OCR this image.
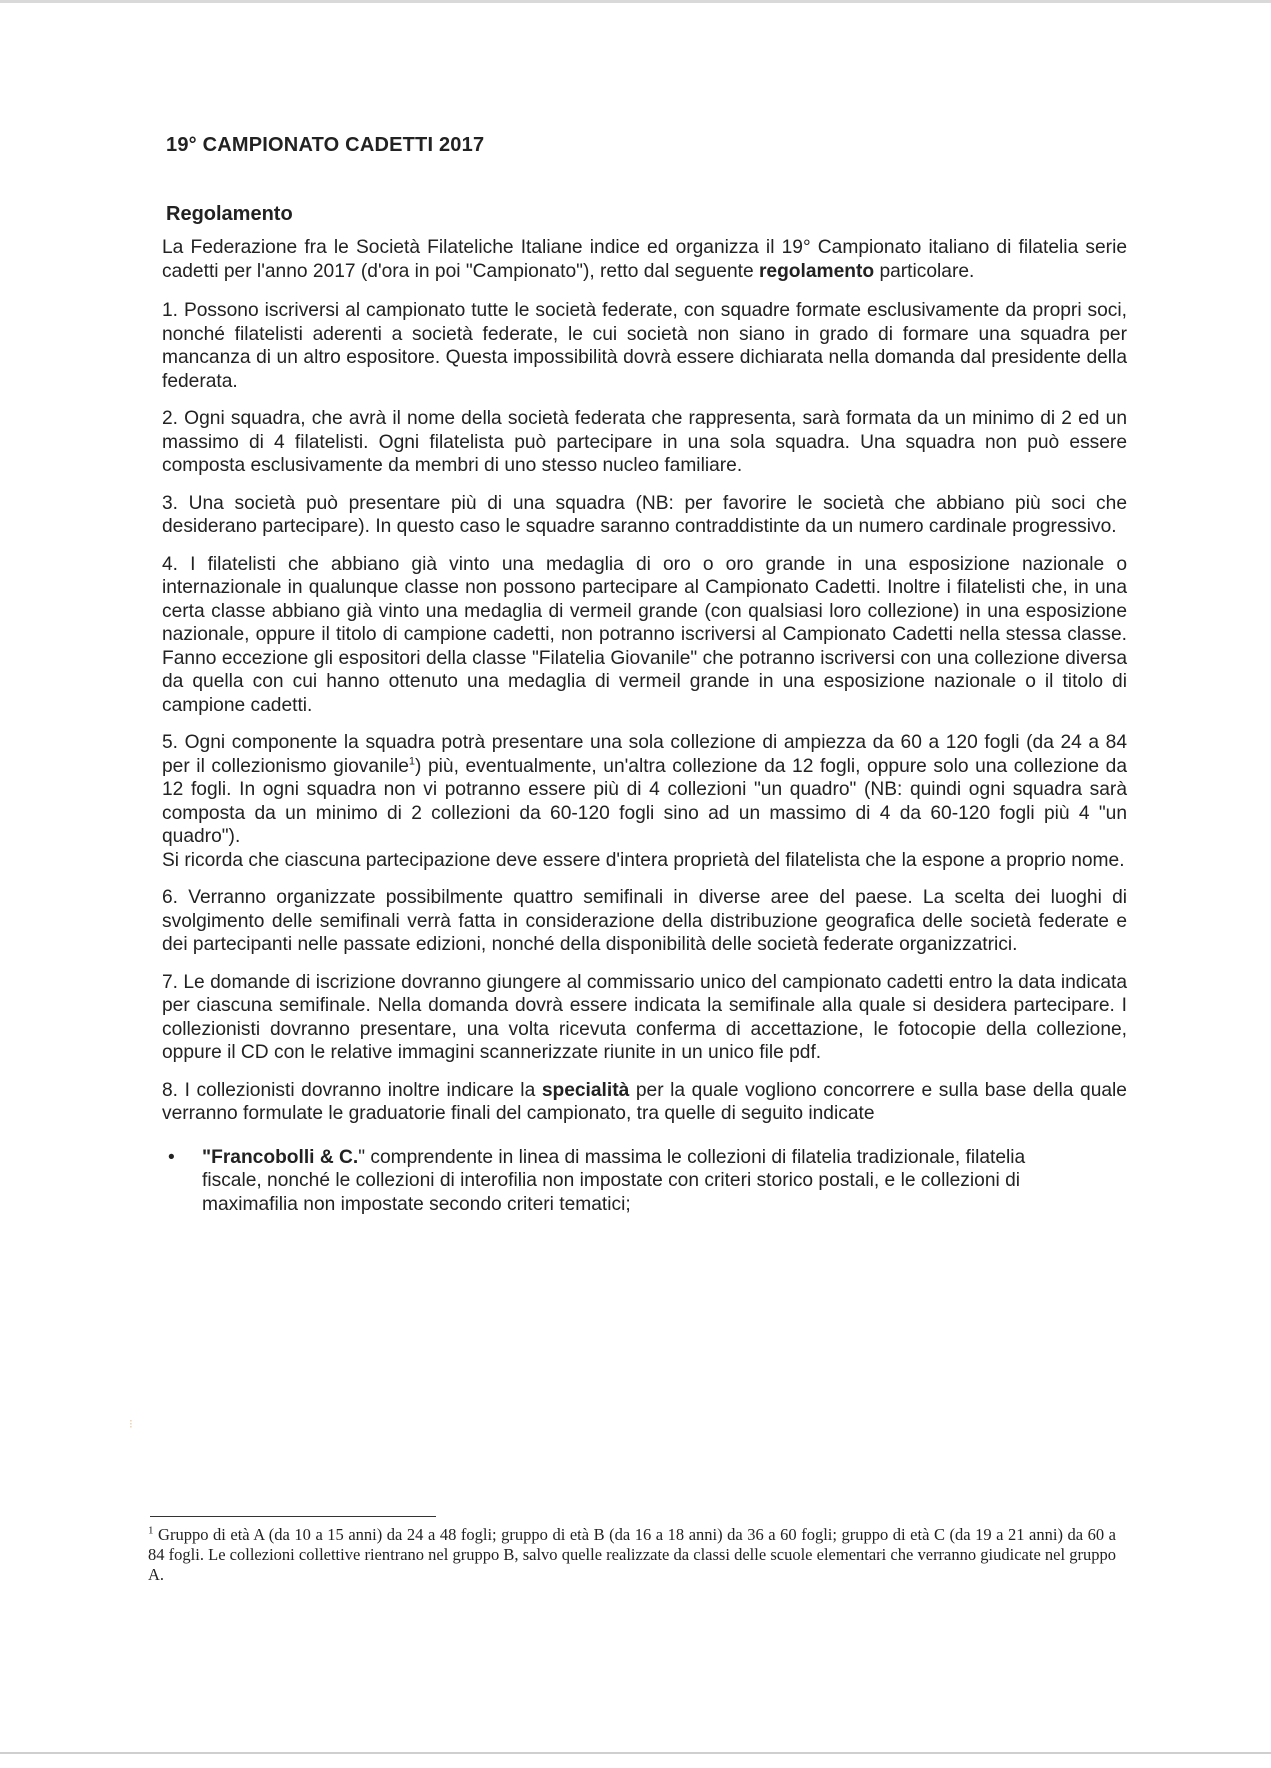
19° CAMPIONATO CADETTI 2017
Regolamento

La Federazione fra le Società Filateliche Italiane indice ed organizza il 19° Campionato italiano di filatelia serie cadetti per l'anno 2017 (d'ora in poi "Campionato"), retto dal seguente regolamento particolare.

1. Possono iscriversi al campionato tutte le società federate, con squadre formate esclusivamente da propri soci, nonché filatelisti aderenti a società federate, le cui società non siano in grado di formare una squadra per mancanza di un altro espositore. Questa impossibilità dovrà essere dichiarata nella domanda dal presidente della federata.

2. Ogni squadra, che avrà il nome della società federata che rappresenta, sarà formata da un minimo di 2 ed un massimo di 4 filatelisti. Ogni filatelista può partecipare in una sola squadra. Una squadra non può essere composta esclusivamente da membri di uno stesso nucleo familiare.

3. Una società può presentare più di una squadra (NB: per favorire le società che abbiano più soci che desiderano partecipare). In questo caso le squadre saranno contraddistinte da un numero cardinale progressivo.

4. I filatelisti che abbiano già vinto una medaglia di oro o oro grande in una esposizione nazionale o internazionale in qualunque classe non possono partecipare al Campionato Cadetti. Inoltre i filatelisti che, in una certa classe abbiano già vinto una medaglia di vermeil grande (con qualsiasi loro collezione) in una esposizione nazionale, oppure il titolo di campione cadetti, non potranno iscriversi al Campionato Cadetti nella stessa classe. Fanno eccezione gli espositori della classe "Filatelia Giovanile" che potranno iscriversi con una collezione diversa da quella con cui hanno ottenuto una medaglia di vermeil grande in una esposizione nazionale o il titolo di campione cadetti.

5. Ogni componente la squadra potrà presentare una sola collezione di ampiezza da 60 a 120 fogli (da 24 a 84 per il collezionismo giovanile$^1$) più, eventualmente, un'altra collezione da 12 fogli, oppure solo una collezione da 12 fogli. In ogni squadra non vi potranno essere più di 4 collezioni "un quadro" (NB: quindi ogni squadra sarà composta da un minimo di 2 collezioni da 60-120 fogli sino ad un massimo di 4 da 60-120 fogli più 4 "un quadro").

Si ricorda che ciascuna partecipazione deve essere d'intera proprietà del filatelista che la espone a proprio nome.

6. Verranno organizzate possibilmente quattro semifinali in diverse aree del paese. La scelta dei luoghi di svolgimento delle semifinali verrà fatta in considerazione della distribuzione geografica delle società federate e dei partecipanti nelle passate edizioni, nonché della disponibilità delle società federate organizzatrici.

7. Le domande di iscrizione dovranno giungere al commissario unico del campionato cadetti entro la data indicata per ciascuna semifinale. Nella domanda dovrà essere indicata la semifinale alla quale si desidera partecipare. I collezionisti dovranno presentare, una volta ricevuta conferma di accettazione, le fotocopie della collezione, oppure il CD con le relative immagini scannerizzate riunite in un unico file pdf.

8. I collezionisti dovranno inoltre indicare la specialità per la quale vogliono concorrere e sulla base della quale verranno formulate le graduatorie finali del campionato, tra quelle di seguito indicate

•	"Francobolli & C." comprendente in linea di massima le collezioni di filatelia tradizionale, filatelia fiscale, nonché le collezioni di interofilia non impostate con criteri storico postali, e le collezioni di maximafilia non impostate secondo criteri tematici;
⁝
$^1$ Gruppo di età A (da 10 a 15 anni) da 24 a 48 fogli; gruppo di età B (da 16 a 18 anni) da 36 a 60 fogli; gruppo di età C (da 19 a 21 anni) da 60 a 84 fogli. Le collezioni collettive rientrano nel gruppo B, salvo quelle realizzate da classi delle scuole elementari che verranno giudicate nel gruppo A.
